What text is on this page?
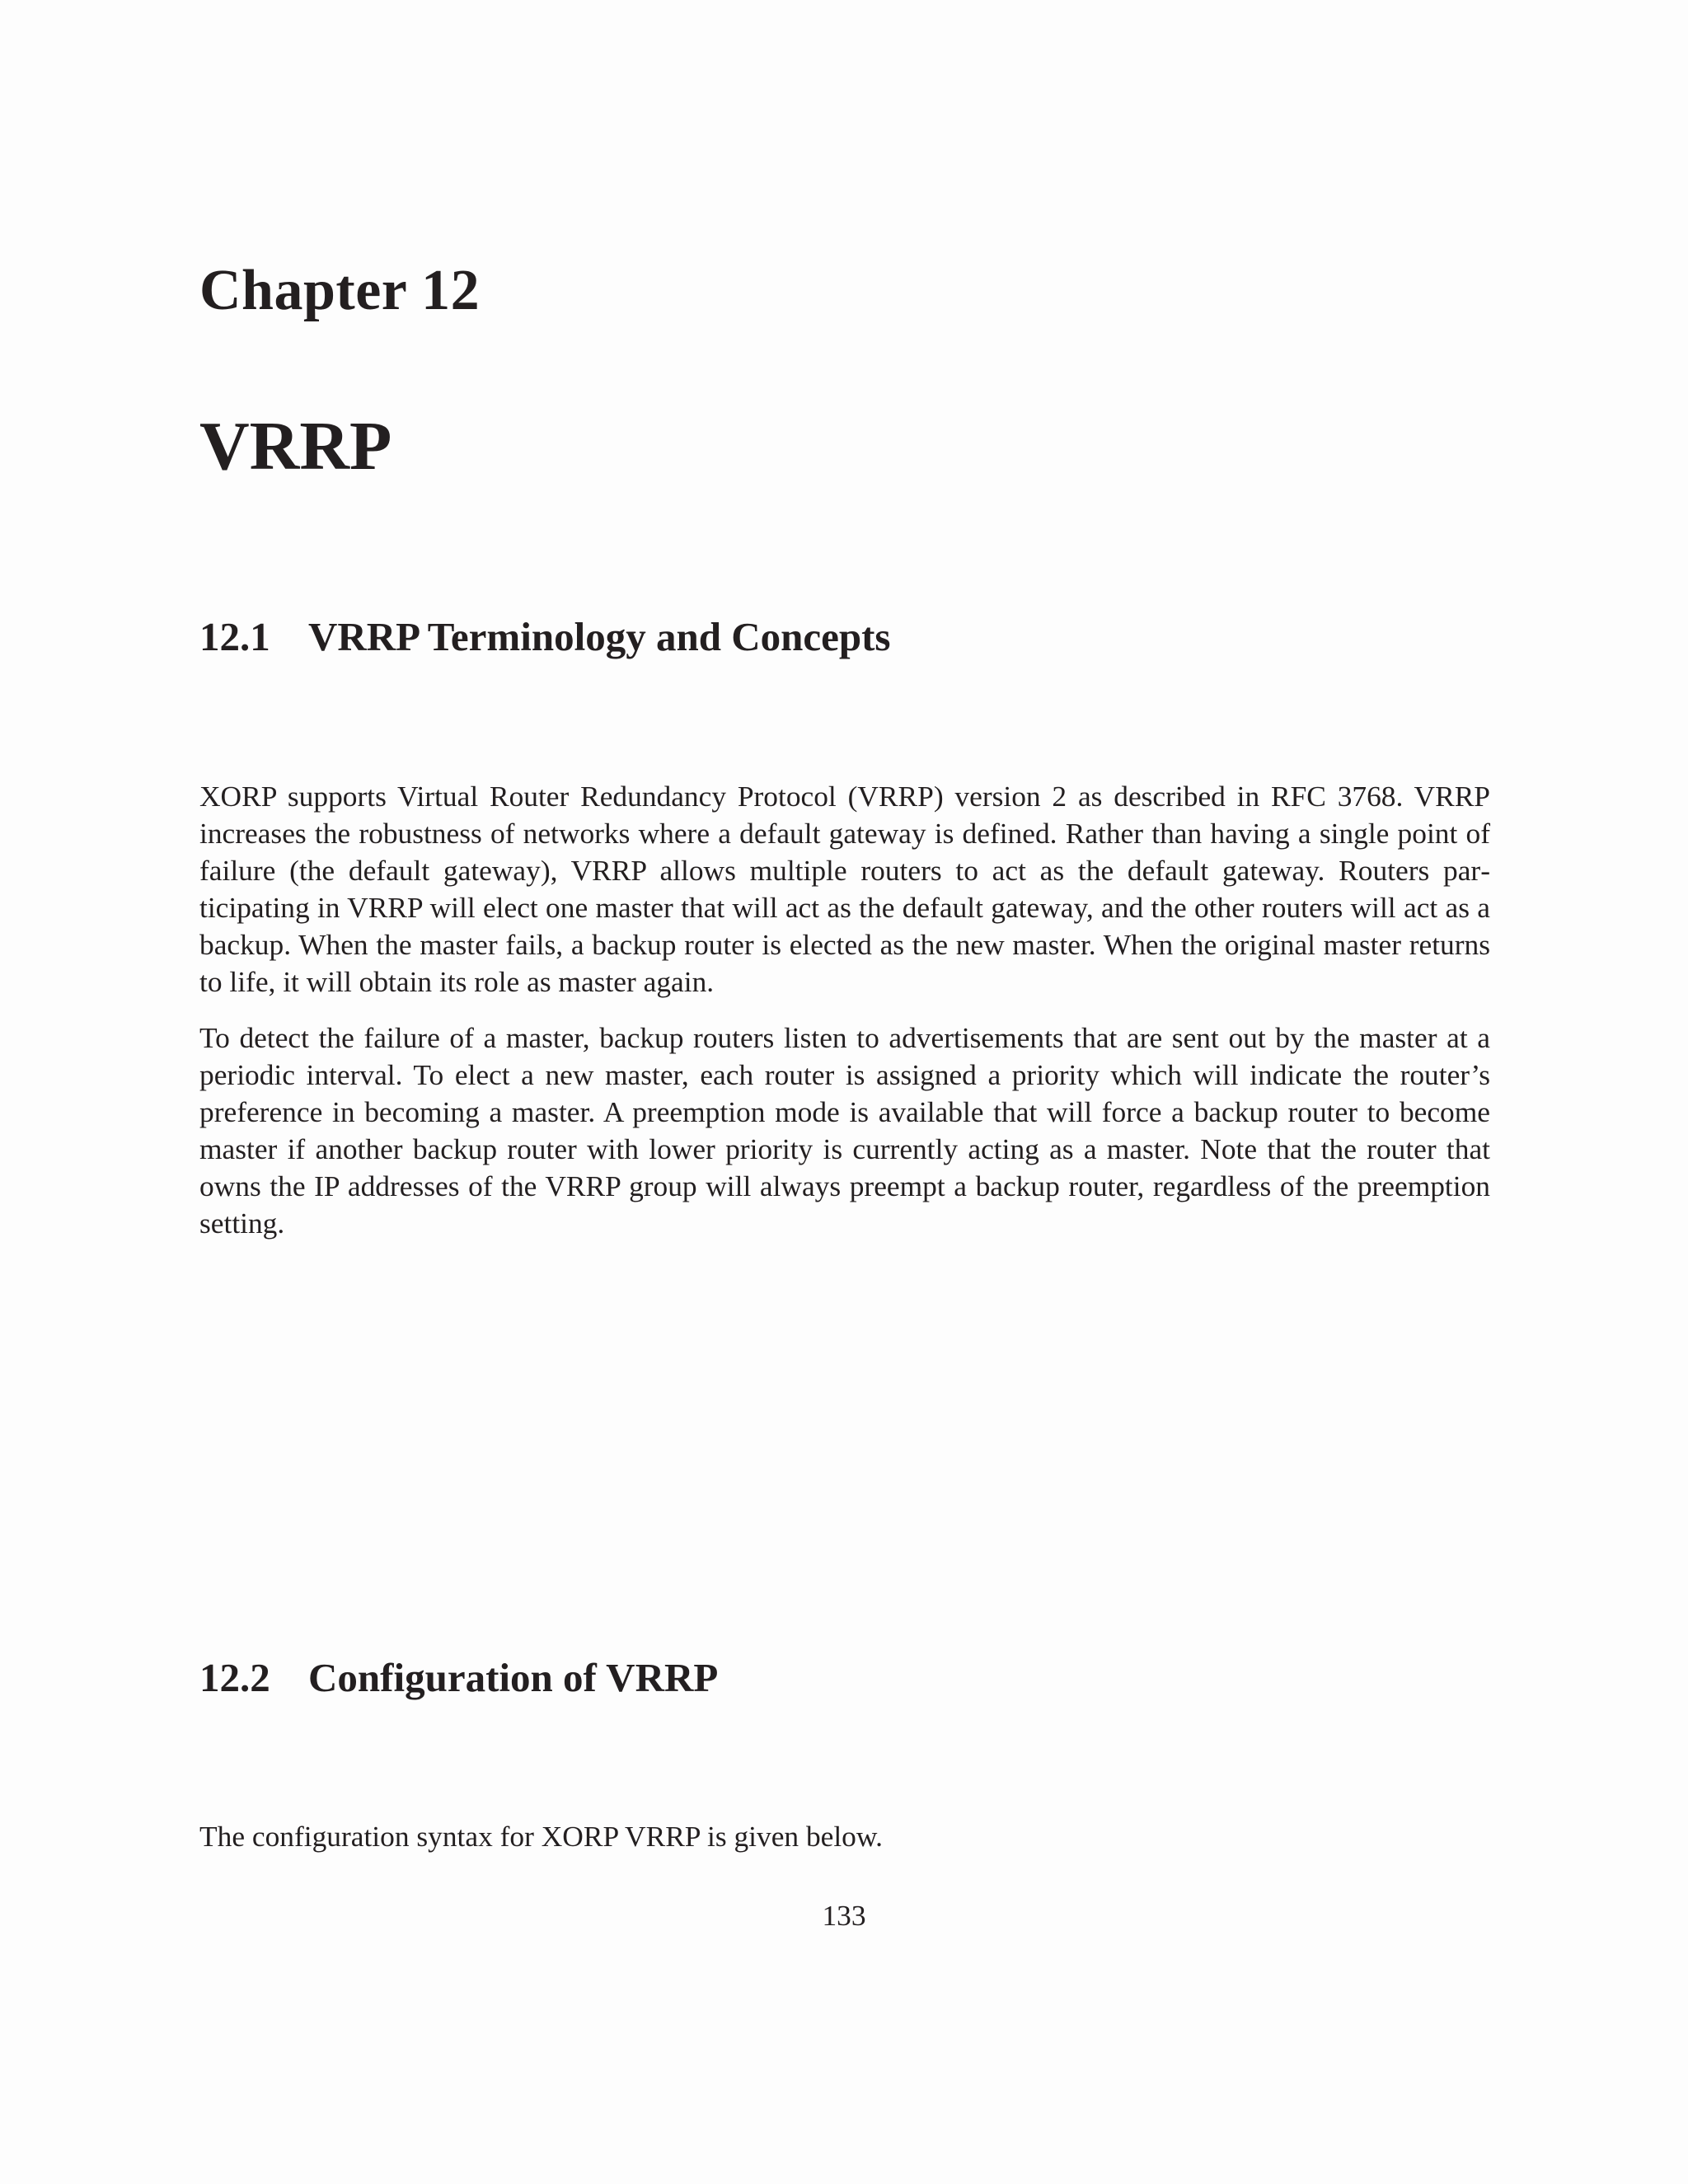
Chapter 12
VRRP
12.1 VRRP Terminology and Concepts

XORP supports Virtual Router Redundancy Protocol (VRRP) version 2 as described in RFC 3768. VRRP increases the robustness of networks where a default gateway is defined. Rather than having a single point of failure (the default gateway), VRRP allows multiple routers to act as the default gateway. Routers participating in VRRP will elect one master that will act as the default gateway, and the other routers will act as a backup. When the master fails, a backup router is elected as the new master. When the original master returns to life, it will obtain its role as master again.

To detect the failure of a master, backup routers listen to advertisements that are sent out by the master at a periodic interval. To elect a new master, each router is assigned a priority which will indicate the router’s preference in becoming a master. A preemption mode is available that will force a backup router to become master if another backup router with lower priority is currently acting as a master. Note that the router that owns the IP addresses of the VRRP group will always preempt a backup router, regardless of the preemption setting.

12.2 Configuration of VRRP

The configuration syntax for XORP VRRP is given below.

133
